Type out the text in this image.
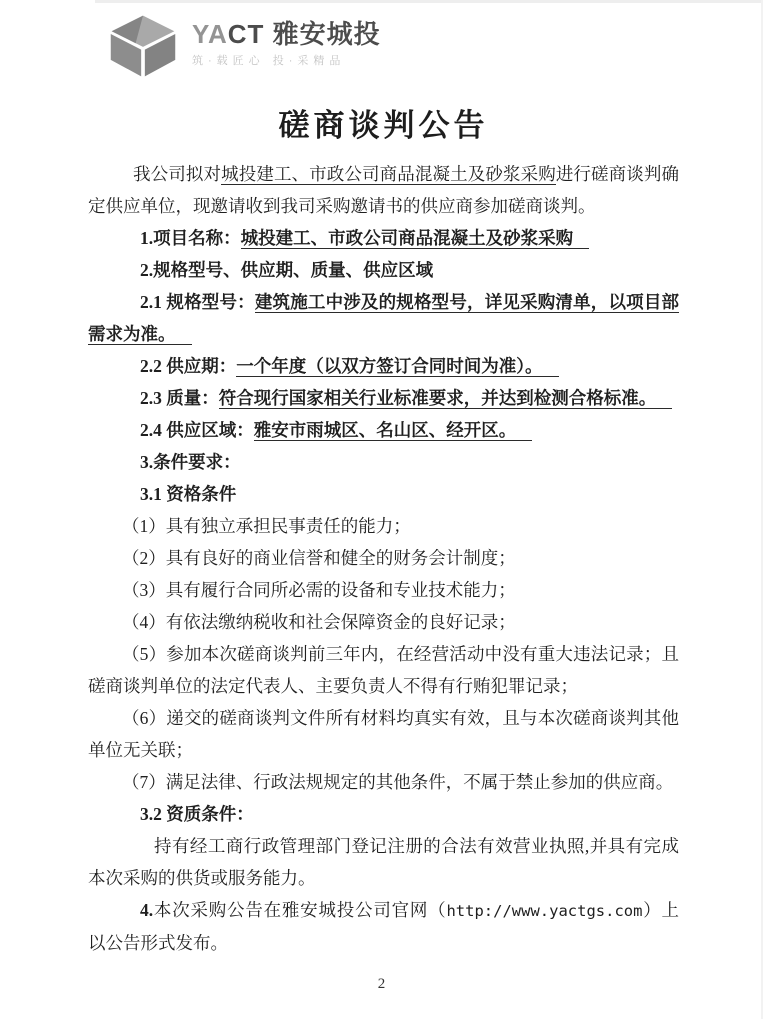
YACT 雅安城投
筑·载匠心 投·采精品
磋商谈判公告

我公司拟对城投建工、市政公司商品混凝土及砂浆采购进行磋商谈判确定供应单位，现邀请收到我司采购邀请书的供应商参加磋商谈判。

1.项目名称：城投建工、市政公司商品混凝土及砂浆采购

2.规格型号、供应期、质量、供应区域

2.1 规格型号：建筑施工中涉及的规格型号，详见采购清单，以项目部需求为准。

2.2 供应期：一个年度（以双方签订合同时间为准）。

2.3 质量：符合现行国家相关行业标准要求，并达到检测合格标准。

2.4 供应区域：雅安市雨城区、名山区、经开区。

3.条件要求：

3.1 资格条件

（1）具有独立承担民事责任的能力；

（2）具有良好的商业信誉和健全的财务会计制度；

（3）具有履行合同所必需的设备和专业技术能力；

（4）有依法缴纳税收和社会保障资金的良好记录；

（5）参加本次磋商谈判前三年内，在经营活动中没有重大违法记录；且磋商谈判单位的法定代表人、主要负责人不得有行贿犯罪记录；

（6）递交的磋商谈判文件所有材料均真实有效，且与本次磋商谈判其他单位无关联；

（7）满足法律、行政法规规定的其他条件，不属于禁止参加的供应商。

3.2 资质条件：

持有经工商行政管理部门登记注册的合法有效营业执照,并具有完成本次采购的供货或服务能力。

4.本次采购公告在雅安城投公司官网（http://www.yactgs.com）上以公告形式发布。

2
